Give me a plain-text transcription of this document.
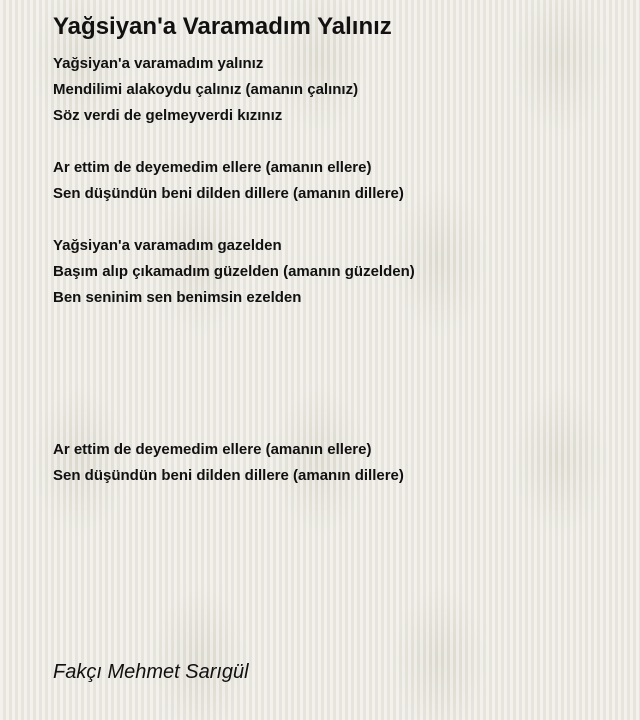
Yağsiyan'a Varamadım Yalınız

Yağsiyan'a varamadım yalınız

Mendilimi alakoydu çalınız (amanın çalınız)

Söz verdi de gelmeyverdi kızınız

Ar ettim de deyemedim ellere (amanın ellere)

Sen düşündün beni dilden dillere (amanın dillere)

Yağsiyan'a varamadım gazelden

Başım alıp çıkamadım güzelden (amanın güzelden)

Ben seninim sen benimsin ezelden

Ar ettim de deyemedim ellere (amanın ellere)

Sen düşündün beni dilden dillere (amanın dillere)

Fakçı Mehmet Sarıgül
